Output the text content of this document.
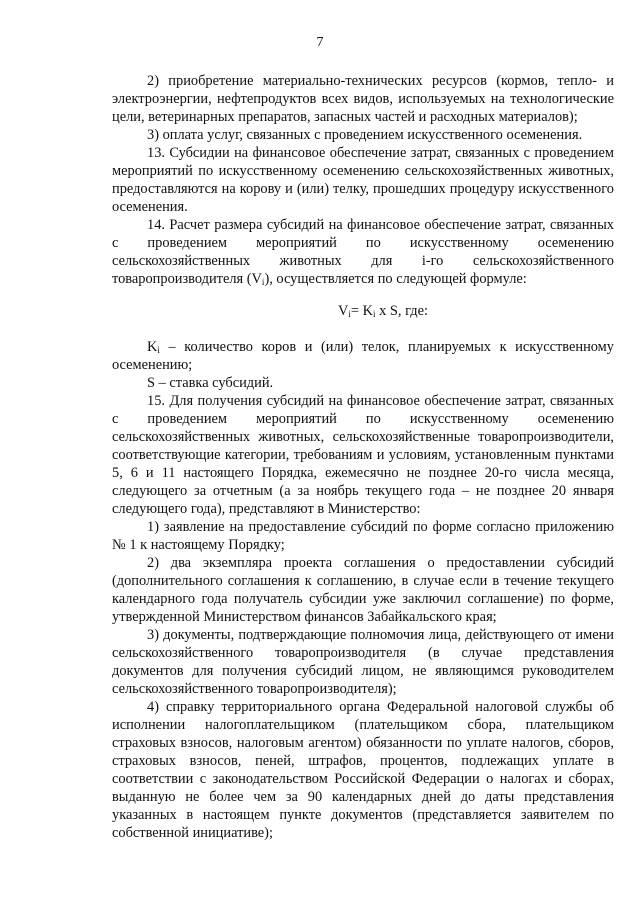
7

2) приобретение материально-технических ресурсов (кормов, тепло- и электроэнергии, нефтепродуктов всех видов, используемых на технологические цели, ветеринарных препаратов, запасных частей и расходных материалов);

3) оплата услуг, связанных с проведением искусственного осеменения.

13. Субсидии на финансовое обеспечение затрат, связанных с проведением мероприятий по искусственному осеменению сельскохозяйственных животных, предоставляются на корову и (или) телку, прошедших процедуру искусственного осеменения.

14. Расчет размера субсидий на финансовое обеспечение затрат, связанных с проведением мероприятий по искусственному осеменению сельскохозяйственных животных для i-го сельскохозяйственного товаропроизводителя $(V_i)$, осуществляется по следующей формуле:

$V_i= K_i$ x S, где:

$K_i$ – количество коров и (или) телок, планируемых к искусственному осеменению;

S – ставка субсидий.

15. Для получения субсидий на финансовое обеспечение затрат, связанных с проведением мероприятий по искусственному осеменению сельскохозяйственных животных, сельскохозяйственные товаропроизводители, соответствующие категории, требованиям и условиям, установленным пунктами 5, 6 и 11 настоящего Порядка, ежемесячно не позднее 20-го числа месяца, следующего за отчетным (а за ноябрь текущего года – не позднее 20 января следующего года), представляют в Министерство:

1) заявление на предоставление субсидий по форме согласно приложению № 1 к настоящему Порядку;

2) два экземпляра проекта соглашения о предоставлении субсидий (дополнительного соглашения к соглашению, в случае если в течение текущего календарного года получатель субсидии уже заключил соглашение) по форме, утвержденной Министерством финансов Забайкальского края;

3) документы, подтверждающие полномочия лица, действующего от имени сельскохозяйственного товаропроизводителя (в случае представления документов для получения субсидий лицом, не являющимся руководителем сельскохозяйственного товаропроизводителя);

4) справку территориального органа Федеральной налоговой службы об исполнении налогоплательщиком (плательщиком сбора, плательщиком страховых взносов, налоговым агентом) обязанности по уплате налогов, сборов, страховых взносов, пеней, штрафов, процентов, подлежащих уплате в соответствии с законодательством Российской Федерации о налогах и сборах, выданную не более чем за 90 календарных дней до даты представления указанных в настоящем пункте документов (представляется заявителем по собственной инициативе);
